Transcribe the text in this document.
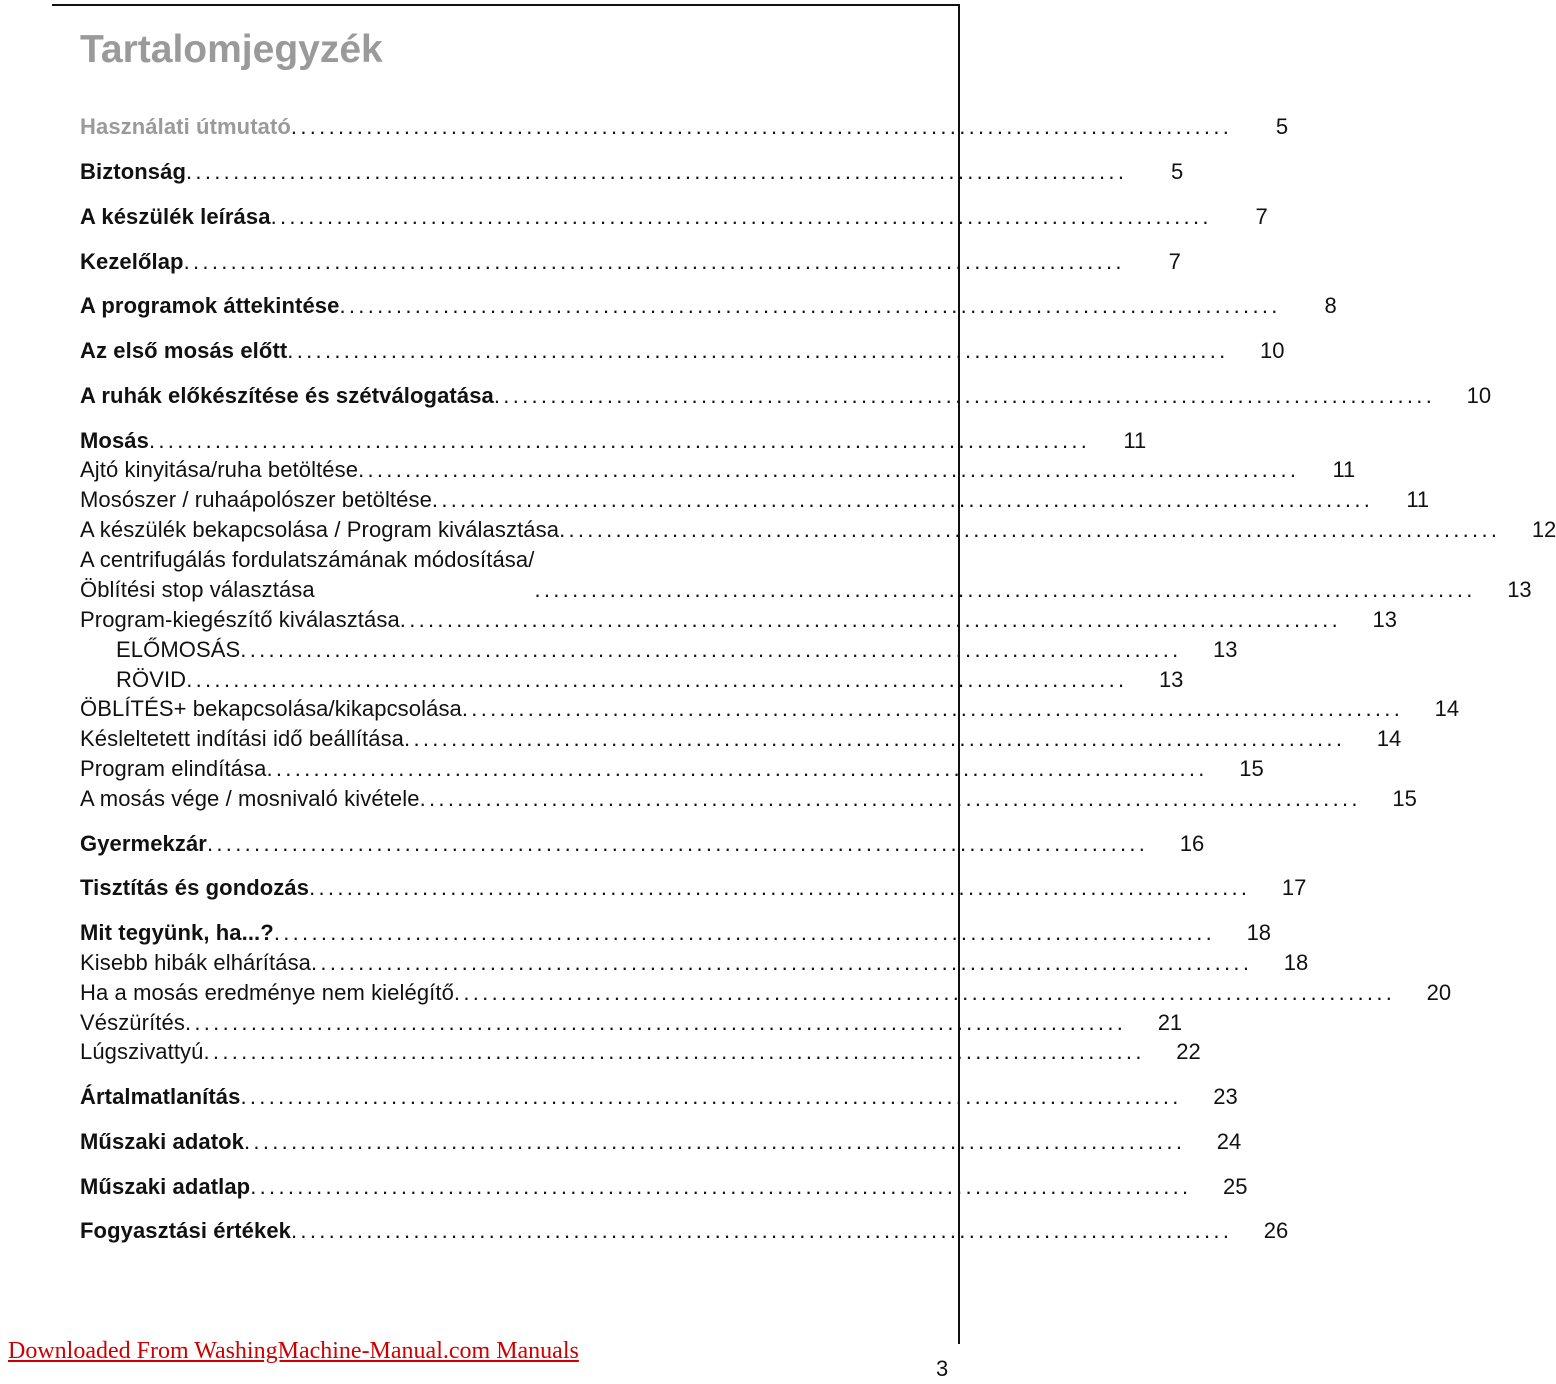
Tartalomjegyzék
Használati útmutató ....................................................................................................	5
Biztonság ....................................................................................................	5
A készülék leírása ....................................................................................................	7
Kezelőlap ....................................................................................................	7
A programok áttekintése ....................................................................................................	8
Az első mosás előtt ....................................................................................................	10
A ruhák előkészítése és szétválogatása ....................................................................................................	10
Mosás ....................................................................................................	11
Ajtó kinyitása/ruha betöltése ....................................................................................................	11
Mosószer / ruhaápolószer betöltése ....................................................................................................	11
A készülék bekapcsolása / Program kiválasztása ....................................................................................................	12
A centrifugálás fordulatszámának módosítása/
Öblítési stop választása	....................................................................................................	13
Program-kiegészítő kiválasztása ....................................................................................................	13
ELŐMOSÁS ....................................................................................................	13
RÖVID ....................................................................................................	13
ÖBLÍTÉS+ bekapcsolása/kikapcsolása ....................................................................................................	14
Késleltetett indítási idő beállítása ....................................................................................................	14
Program elindítása ....................................................................................................	15
A mosás vége / mosnivaló kivétele ....................................................................................................	15
Gyermekzár ....................................................................................................	16
Tisztítás és gondozás ....................................................................................................	17
Mit tegyünk, ha...? ....................................................................................................	18
Kisebb hibák elhárítása ....................................................................................................	18
Ha a mosás eredménye nem kielégítő ....................................................................................................	20
Vészürítés ....................................................................................................	21
Lúgszivattyú ....................................................................................................	22
Ártalmatlanítás ....................................................................................................	23
Műszaki adatok ....................................................................................................	24
Műszaki adatlap ....................................................................................................	25
Fogyasztási értékek ....................................................................................................	26
Downloaded From WashingMachine-Manual.com Manuals
3
